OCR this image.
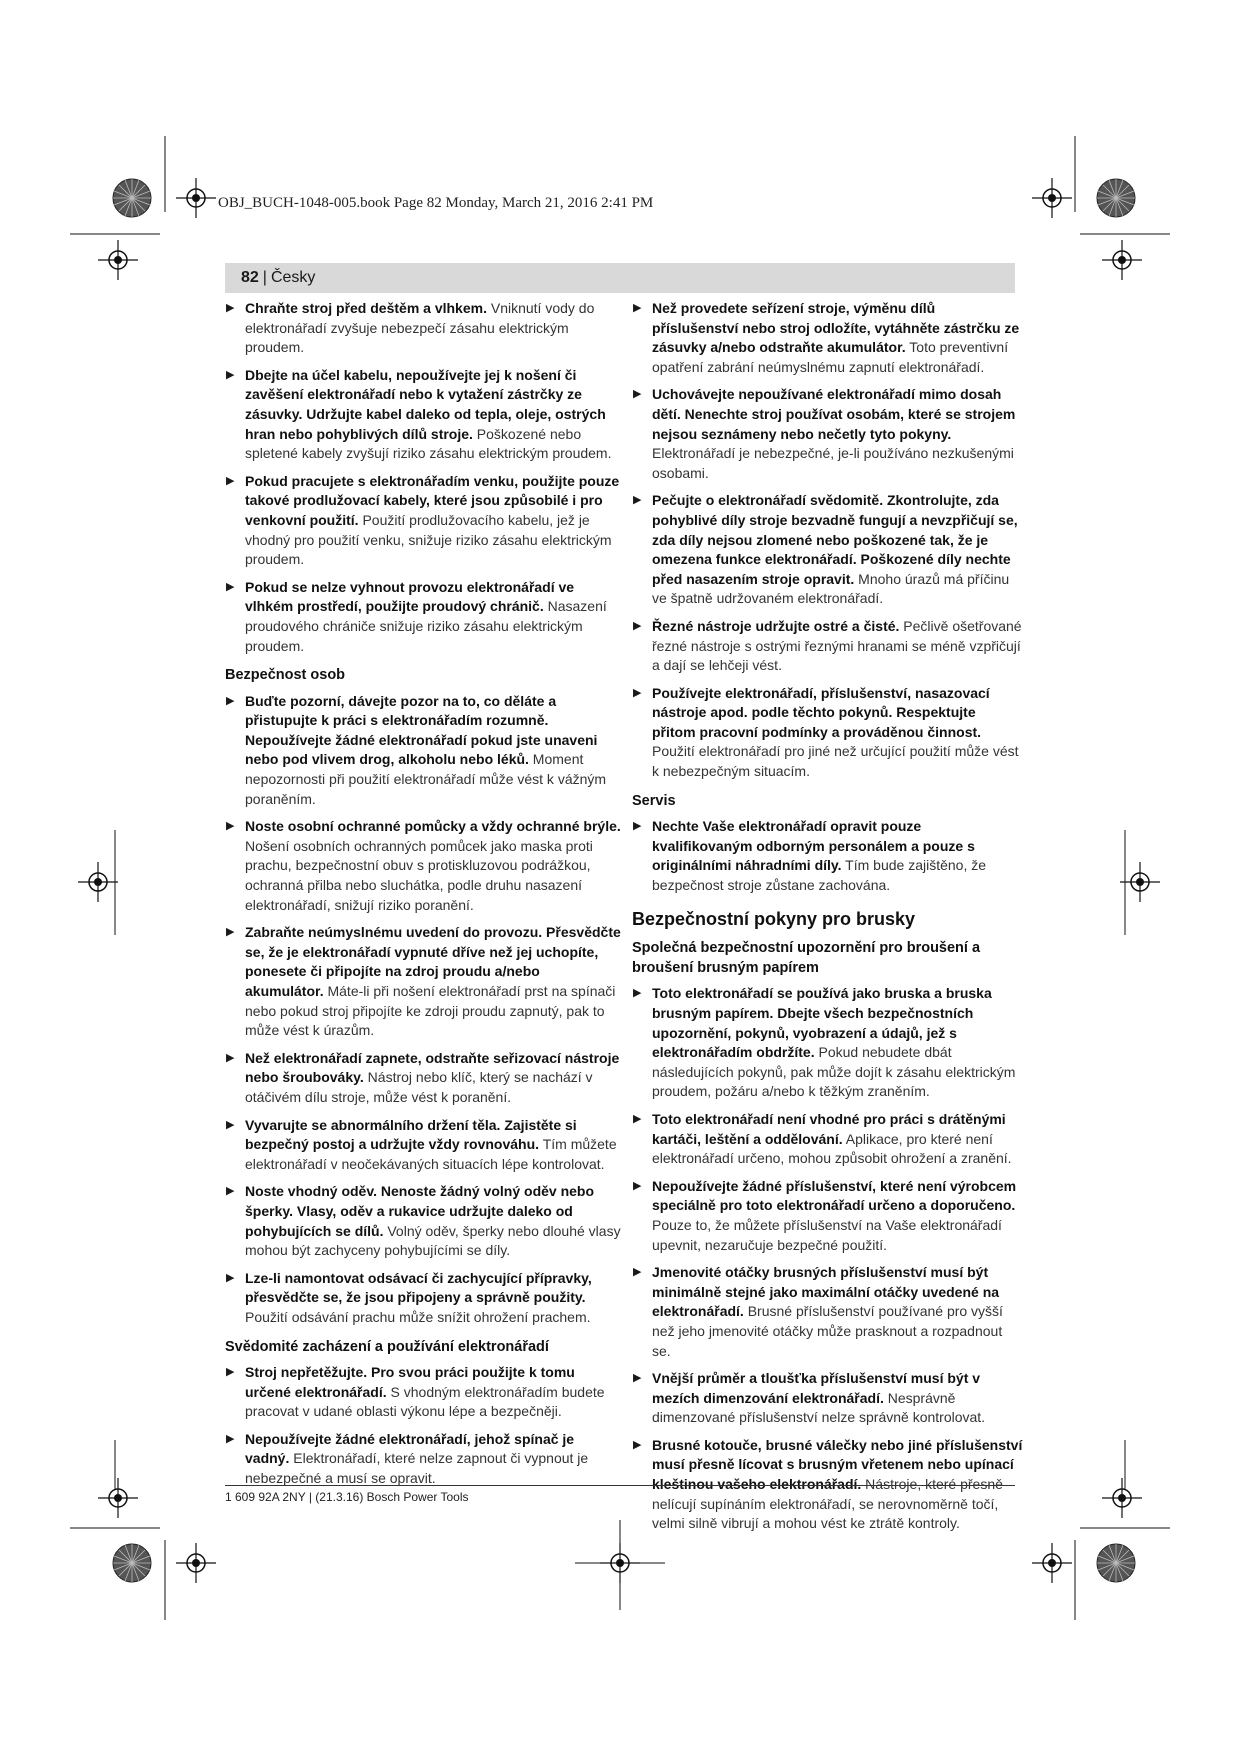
OBJ_BUCH-1048-005.book Page 82 Monday, March 21, 2016 2:41 PM
82 | Česky
▶ Chraňte stroj před deštěm a vlhkem. Vniknutí vody do elektronářadí zvyšuje nebezpečí zásahu elektrickým proudem.
▶ Dbejte na účel kabelu, nepoužívejte jej k nošení či zavěšení elektronářadí nebo k vytažení zástrčky ze zásuvky. Udržujte kabel daleko od tepla, oleje, ostrých hran nebo pohyblivých dílů stroje. Poškozené nebo spletené kabely zvyšují riziko zásahu elektrickým proudem.
▶ Pokud pracujete s elektronářadím venku, použijte pouze takové prodlužovací kabely, které jsou způsobilé i pro venkovní použití. Použití prodlužovacího kabelu, jež je vhodný pro použití venku, snižuje riziko zásahu elektrickým proudem.
▶ Pokud se nelze vyhnout provozu elektronářadí ve vlhkém prostředí, použijte proudový chránič. Nasazení proudového chrániče snižuje riziko zásahu elektrickým proudem.
Bezpečnost osob
▶ Buďte pozorní, dávejte pozor na to, co děláte a přistupujte k práci s elektronářadím rozumně. Nepoužívejte žádné elektronářadí pokud jste unaveni nebo pod vlivem drog, alkoholu nebo léků. Moment nepozornosti při použití elektronářadí může vést k vážným poraněním.
▶ Noste osobní ochranné pomůcky a vždy ochranné brýle. Nošení osobních ochranných pomůcek jako maska proti prachu, bezpečnostní obuv s protiskluzovou podrážkou, ochranná přilba nebo sluchátka, podle druhu nasazení elektronářadí, snižují riziko poranění.
▶ Zabraňte neúmyslnému uvedení do provozu. Přesvědčte se, že je elektronářadí vypnuté dříve než jej uchopíte, ponesete či připojíte na zdroj proudu a/nebo akumulátor. Máte-li při nošení elektronářadí prst na spínači nebo pokud stroj připojíte ke zdroji proudu zapnutý, pak to může vést k úrazům.
▶ Než elektronářadí zapnete, odstraňte seřizovací nástroje nebo šroubováky. Nástroj nebo klíč, který se nachází v otáčivém dílu stroje, může vést k poranění.
▶ Vyvarujte se abnormálního držení těla. Zajistěte si bezpečný postoj a udržujte vždy rovnováhu. Tím můžete elektronářadí v neočekávaných situacích lépe kontrolovat.
▶ Noste vhodný oděv. Nenoste žádný volný oděv nebo šperky. Vlasy, oděv a rukavice udržujte daleko od pohybujících se dílů. Volný oděv, šperky nebo dlouhé vlasy mohou být zachyceny pohybujícími se díly.
▶ Lze-li namontovat odsávací či zachycující přípravky, přesvědčte se, že jsou připojeny a správně použity. Použití odsávání prachu může snížit ohrožení prachem.
Svědomité zacházení a používání elektronářadí
▶ Stroj nepřetěžujte. Pro svou práci použijte k tomu určené elektronářadí. S vhodným elektronářadím budete pracovat v udané oblasti výkonu lépe a bezpečněji.
▶ Nepoužívejte žádné elektronářadí, jehož spínač je vadný. Elektronářadí, které nelze zapnout či vypnout je nebezpečné a musí se opravit.
▶ Než provedete seřízení stroje, výměnu dílů příslušenství nebo stroj odložíte, vytáhněte zástrčku ze zásuvky a/nebo odstraňte akumulátor. Toto preventivní opatření zabrání neúmyslnému zapnutí elektronářadí.
▶ Uchovávejte nepoužívané elektronářadí mimo dosah dětí. Nenechte stroj používat osobám, které se strojem nejsou seznámeny nebo nečetly tyto pokyny. Elektronářadí je nebezpečné, je-li používáno nezkušenými osobami.
▶ Pečujte o elektronářadí svědomitě. Zkontrolujte, zda pohyblivé díly stroje bezvadně fungují a nevzpřičují se, zda díly nejsou zlomené nebo poškozené tak, že je omezena funkce elektronářadí. Poškozené díly nechte před nasazením stroje opravit. Mnoho úrazů má příčinu ve špatně udržovaném elektronářadí.
▶ Řezné nástroje udržujte ostré a čisté. Pečlivě ošetřované řezné nástroje s ostrými řeznými hranami se méně vzpřičují a dají se lehčeji vést.
▶ Používejte elektronářadí, příslušenství, nasazovací nástroje apod. podle těchto pokynů. Respektujte přitom pracovní podmínky a prováděnou činnost. Použití elektronářadí pro jiné než určující použití může vést k nebezpečným situacím.
Servis
▶ Nechte Vaše elektronářadí opravit pouze kvalifikovaným odborným personálem a pouze s originálními náhradními díly. Tím bude zajištěno, že bezpečnost stroje zůstane zachována.
Bezpečnostní pokyny pro brusky
Společná bezpečnostní upozornění pro broušení a broušení brusným papírem
▶ Toto elektronářadí se používá jako bruska a bruska brusným papírem. Dbejte všech bezpečnostních upozornění, pokynů, vyobrazení a údajů, jež s elektronářadím obdržíte. Pokud nebudete dbát následujících pokynů, pak může dojít k zásahu elektrickým proudem, požáru a/nebo k těžkým zraněním.
▶ Toto elektronářadí není vhodné pro práci s drátěnými kartáči, leštění a oddělování. Aplikace, pro které není elektronářadí určeno, mohou způsobit ohrožení a zranění.
▶ Nepoužívejte žádné příslušenství, které není výrobcem speciálně pro toto elektronářadí určeno a doporučeno. Pouze to, že můžete příslušenství na Vaše elektronářadí upevnit, nezaručuje bezpečné použití.
▶ Jmenovité otáčky brusných příslušenství musí být minimálně stejné jako maximální otáčky uvedené na elektronářadí. Brusné příslušenství používané pro vyšší než jeho jmenovité otáčky může prasknout a rozpadnout se.
▶ Vnější průměr a tloušťka příslušenství musí být v mezích dimenzování elektronářadí. Nesprávně dimenzované příslušenství nelze správně kontrolovat.
▶ Brusné kotouče, brusné válečky nebo jiné příslušenství musí přesně lícovat s brusným vřetenem nebo upínací kleštinou vašeho elektronářadí. Nástroje, které přesně nelícují supínáním elektronářadí, se nerovnoměrně točí, velmi silně vibrují a mohou vést ke ztrátě kontroly.
1 609 92A 2NY | (21.3.16) Bosch Power Tools
